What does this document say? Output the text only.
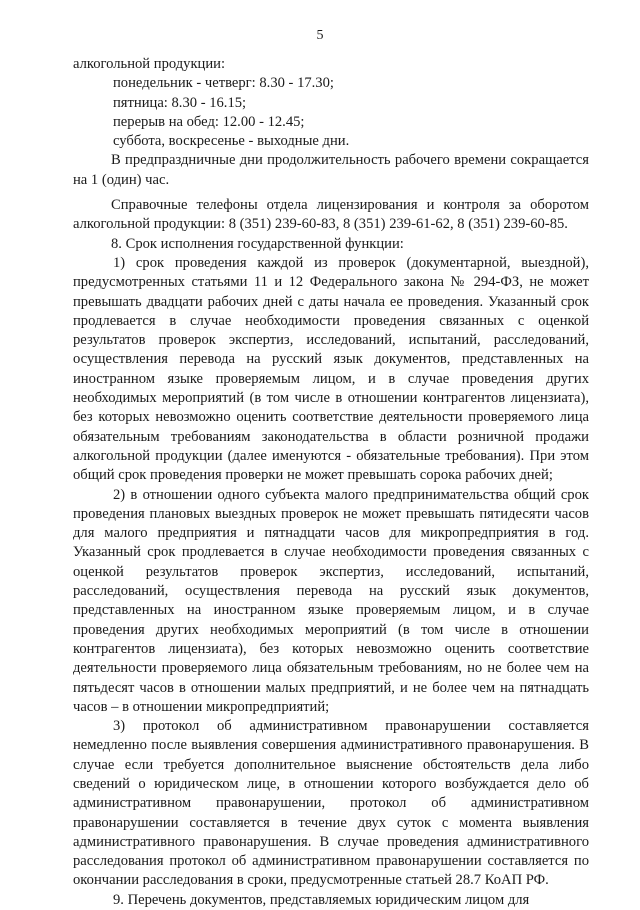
5

алкогольной продукции:

понедельник - четверг: 8.30 - 17.30;

пятница: 8.30 - 16.15;

перерыв на обед: 12.00 - 12.45;

суббота, воскресенье - выходные дни.

В предпраздничные дни продолжительность рабочего времени сокращается на 1 (один) час.

Справочные телефоны отдела лицензирования и контроля за оборотом алкогольной продукции: 8 (351) 239-60-83, 8 (351) 239-61-62, 8 (351) 239-60-85.

8. Срок исполнения государственной функции:

1) срок проведения каждой из проверок (документарной, выездной), предусмотренных статьями 11 и 12 Федерального закона № 294-ФЗ, не может превышать двадцати рабочих дней с даты начала ее проведения. Указанный срок продлевается в случае необходимости проведения связанных с оценкой результатов проверок экспертиз, исследований, испытаний, расследований, осуществления перевода на русский язык документов, представленных на иностранном языке проверяемым лицом, и в случае проведения других необходимых мероприятий (в том числе в отношении контрагентов лицензиата), без которых невозможно оценить соответствие деятельности проверяемого лица обязательным требованиям законодательства в области розничной продажи алкогольной продукции (далее именуются - обязательные требования). При этом общий срок проведения проверки не может превышать сорока рабочих дней;

2) в отношении одного субъекта малого предпринимательства общий срок проведения плановых выездных проверок не может превышать пятидесяти часов для малого предприятия и пятнадцати часов для микропредприятия в год. Указанный срок продлевается в случае необходимости проведения связанных с оценкой результатов проверок экспертиз, исследований, испытаний, расследований, осуществления перевода на русский язык документов, представленных на иностранном языке проверяемым лицом, и в случае проведения других необходимых мероприятий (в том числе в отношении контрагентов лицензиата), без которых невозможно оценить соответствие деятельности проверяемого лица обязательным требованиям, но не более чем на пятьдесят часов в отношении малых предприятий, и не более чем на пятнадцать часов – в отношении микропредприятий;

3) протокол об административном правонарушении составляется немедленно после выявления совершения административного правонарушения. В случае если требуется дополнительное выяснение обстоятельств дела либо сведений о юридическом лице, в отношении которого возбуждается дело об административном правонарушении, протокол об административном правонарушении составляется в течение двух суток с момента выявления административного правонарушения. В случае проведения административного расследования протокол об административном правонарушении составляется по окончании расследования в сроки, предусмотренные статьей 28.7 КоАП РФ.

9. Перечень документов, представляемых юридическим лицом для
